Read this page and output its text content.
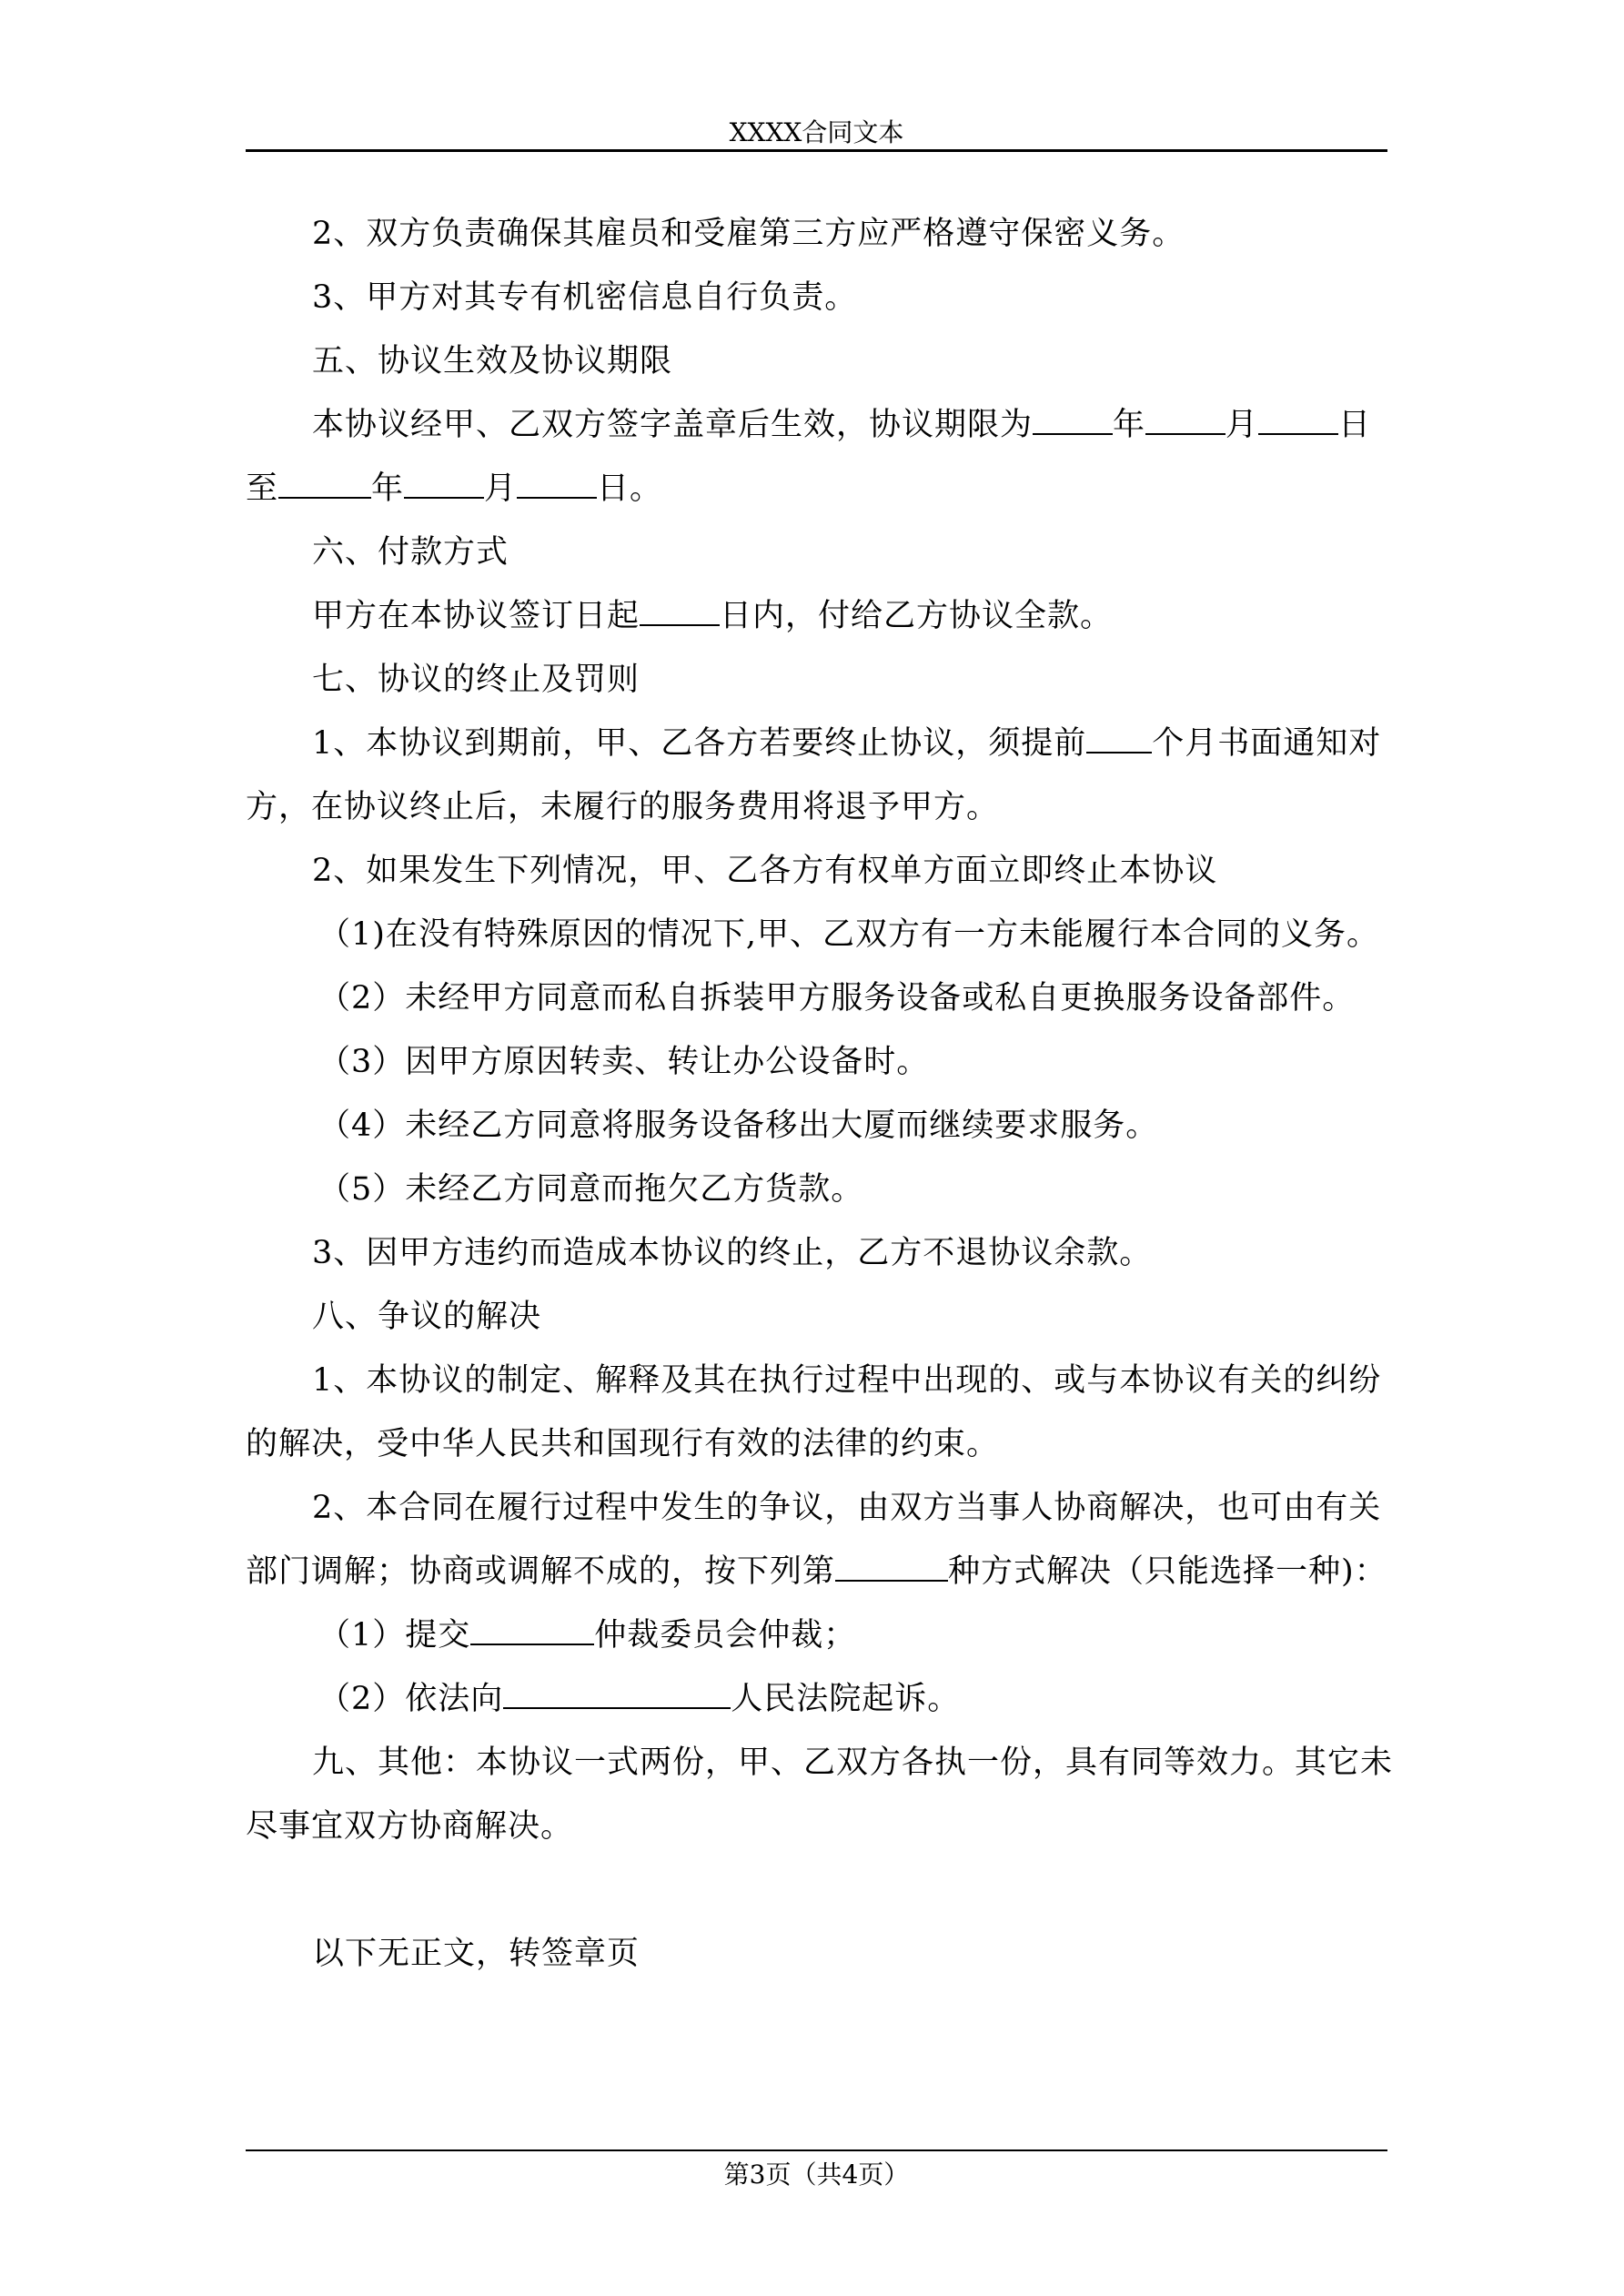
XXXX合同文本

2、双方负责确保其雇员和受雇第三方应严格遵守保密义务。

3、甲方对其专有机密信息自行负责。

五、协议生效及协议期限

本协议经甲、乙双方签字盖章后生效，协议期限为	年	月	日

至	年	月	日。

六、付款方式

甲方在本协议签订日起	日内，付给乙方协议全款。

七、协议的终止及罚则

1、本协议到期前，甲、乙各方若要终止协议，须提前 个月书面通知对

方，在协议终止后，未履行的服务费用将退予甲方。

2、如果发生下列情况，甲、乙各方有权单方面立即终止本协议

（1)在没有特殊原因的情况下,甲、乙双方有一方未能履行本合同的义务。

（2）未经甲方同意而私自拆装甲方服务设备或私自更换服务设备部件。

（3）因甲方原因转卖、转让办公设备时。

（4）未经乙方同意将服务设备移出大厦而继续要求服务。

（5）未经乙方同意而拖欠乙方货款。

3、因甲方违约而造成本协议的终止，乙方不退协议余款。

八、争议的解决

1、本协议的制定、解释及其在执行过程中出现的、或与本协议有关的纠纷

的解决，受中华人民共和国现行有效的法律的约束。

2、本合同在履行过程中发生的争议，由双方当事人协商解决，也可由有关

部门调解；协商或调解不成的，按下列第	种方式解决（只能选择一种)：

（1）提交	仲裁委员会仲裁；

（2）依法向	人民法院起诉。

九、其他：本协议一式两份，甲、乙双方各执一份，具有同等效力。其它未

尽事宜双方协商解决。

以下无正文，转签章页

第3页（共4页）
